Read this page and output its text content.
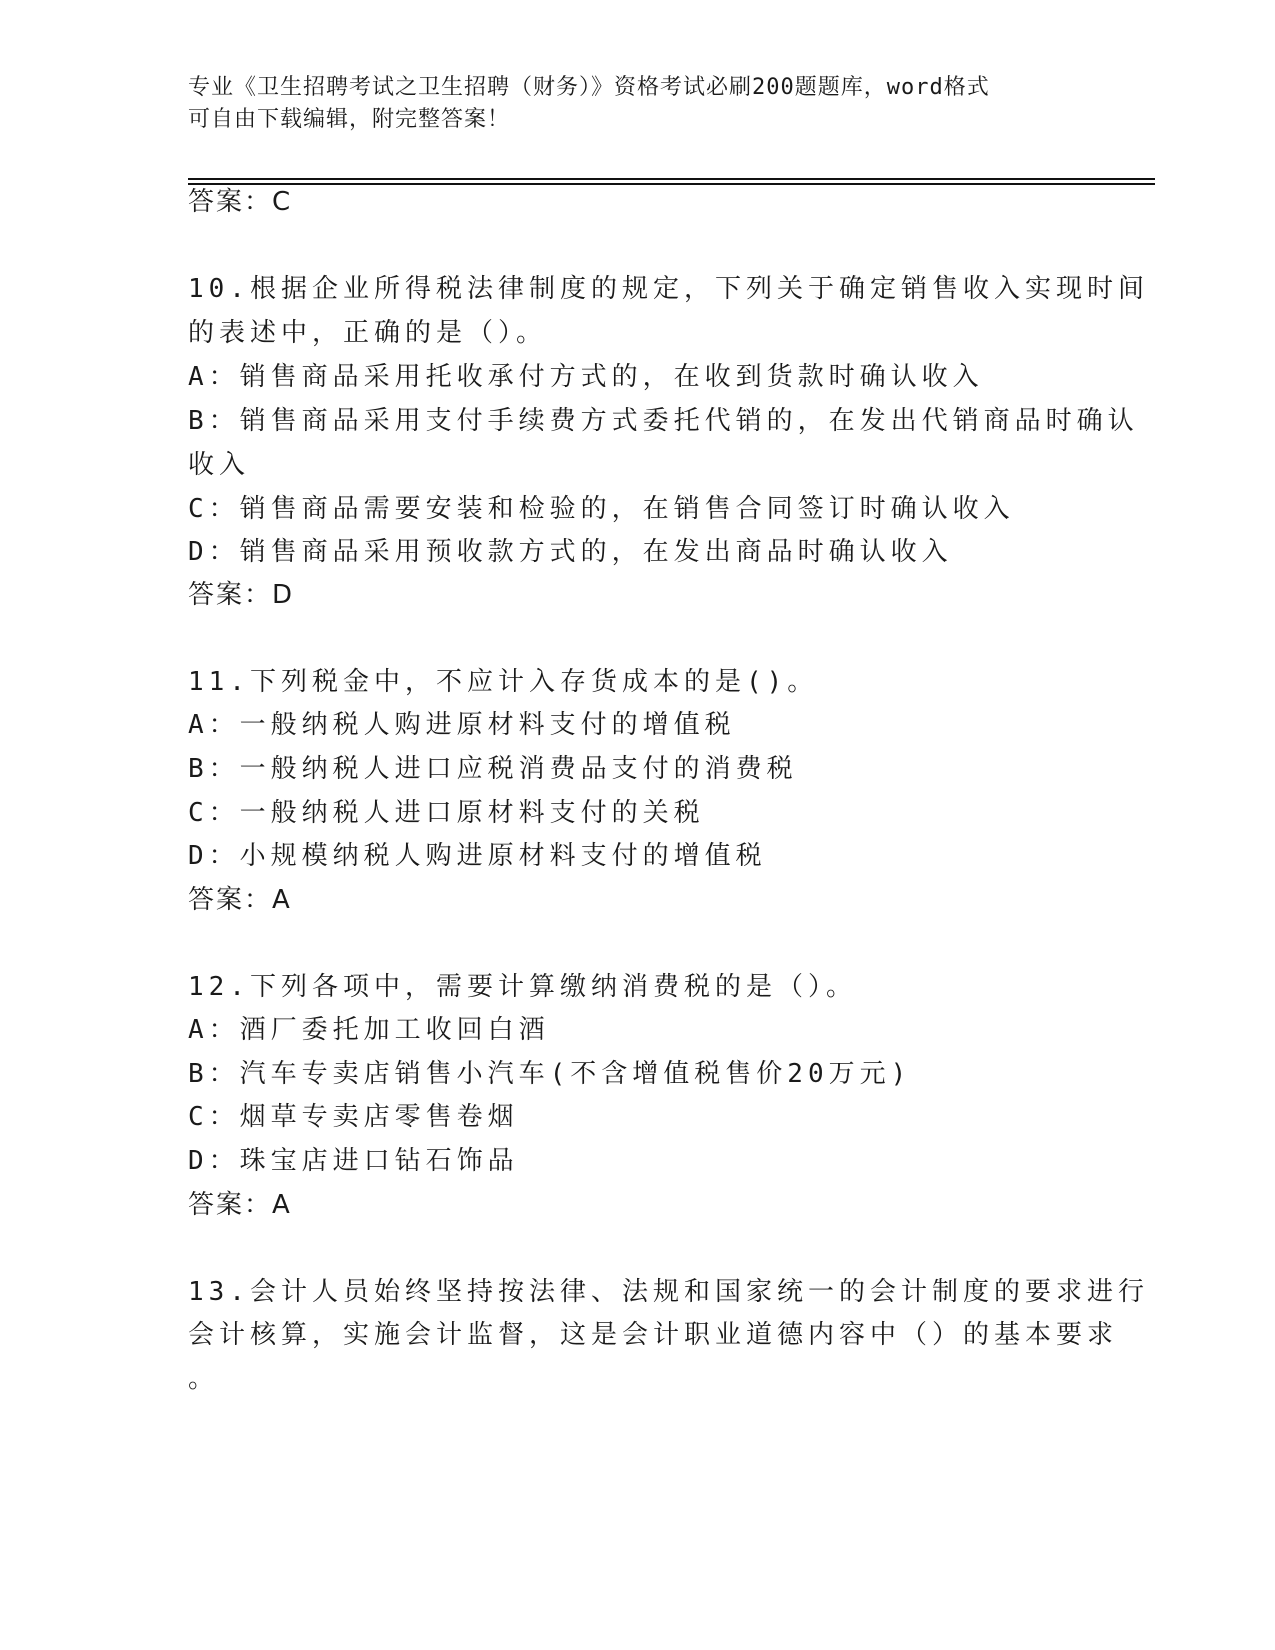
专业《卫生招聘考试之卫生招聘（财务）》资格考试必刷200题题库，word格式
可自由下载编辑，附完整答案！
答案：C
10.根据企业所得税法律制度的规定，下列关于确定销售收入实现时间
的表述中，正确的是（）。
A：销售商品采用托收承付方式的，在收到货款时确认收入
B：销售商品采用支付手续费方式委托代销的，在发出代销商品时确认
收入
C：销售商品需要安装和检验的，在销售合同签订时确认收入
D：销售商品采用预收款方式的，在发出商品时确认收入
答案：D
11.下列税金中，不应计入存货成本的是()。
A：一般纳税人购进原材料支付的增值税
B：一般纳税人进口应税消费品支付的消费税
C：一般纳税人进口原材料支付的关税
D：小规模纳税人购进原材料支付的增值税
答案：A
12.下列各项中，需要计算缴纳消费税的是（）。
A：酒厂委托加工收回白酒
B：汽车专卖店销售小汽车(不含增值税售价20万元)
C：烟草专卖店零售卷烟
D：珠宝店进口钻石饰品
答案：A
13.会计人员始终坚持按法律、法规和国家统一的会计制度的要求进行
会计核算，实施会计监督，这是会计职业道德内容中（）的基本要求
。
